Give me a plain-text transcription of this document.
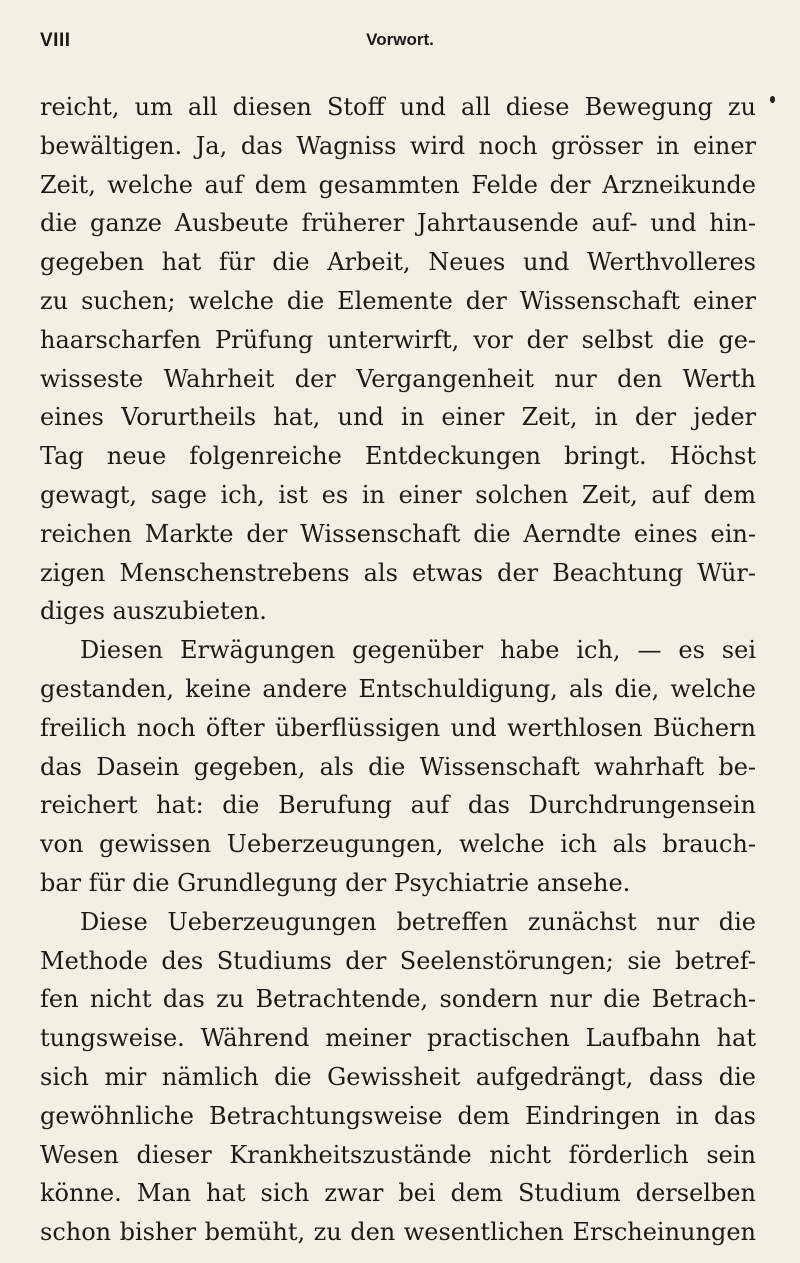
VIII	Vorwort.
reicht, um all diesen Stoff und all diese Bewegung zu
bewältigen. Ja, das Wagniss wird noch grösser in einer
Zeit, welche auf dem gesammten Felde der Arzneikunde
die ganze Ausbeute früherer Jahrtausende auf- und hin-
gegeben hat für die Arbeit, Neues und Werthvolleres
zu suchen; welche die Elemente der Wissenschaft einer
haarscharfen Prüfung unterwirft, vor der selbst die ge-
wisseste Wahrheit der Vergangenheit nur den Werth
eines Vorurtheils hat, und in einer Zeit, in der jeder
Tag neue folgenreiche Entdeckungen bringt. Höchst
gewagt, sage ich, ist es in einer solchen Zeit, auf dem
reichen Markte der Wissenschaft die Aerndte eines ein-
zigen Menschenstrebens als etwas der Beachtung Wür-
diges auszubieten.
Diesen Erwägungen gegenüber habe ich, — es sei
gestanden, keine andere Entschuldigung, als die, welche
freilich noch öfter überflüssigen und werthlosen Büchern
das Dasein gegeben, als die Wissenschaft wahrhaft be-
reichert hat: die Berufung auf das Durchdrungensein
von gewissen Ueberzeugungen, welche ich als brauch-
bar für die Grundlegung der Psychiatrie ansehe.
Diese Ueberzeugungen betreffen zunächst nur die
Methode des Studiums der Seelenstörungen; sie betref-
fen nicht das zu Betrachtende, sondern nur die Betrach-
tungsweise. Während meiner practischen Laufbahn hat
sich mir nämlich die Gewissheit aufgedrängt, dass die
gewöhnliche Betrachtungsweise dem Eindringen in das
Wesen dieser Krankheitszustände nicht förderlich sein
könne. Man hat sich zwar bei dem Studium derselben
schon bisher bemüht, zu den wesentlichen Erscheinungen
